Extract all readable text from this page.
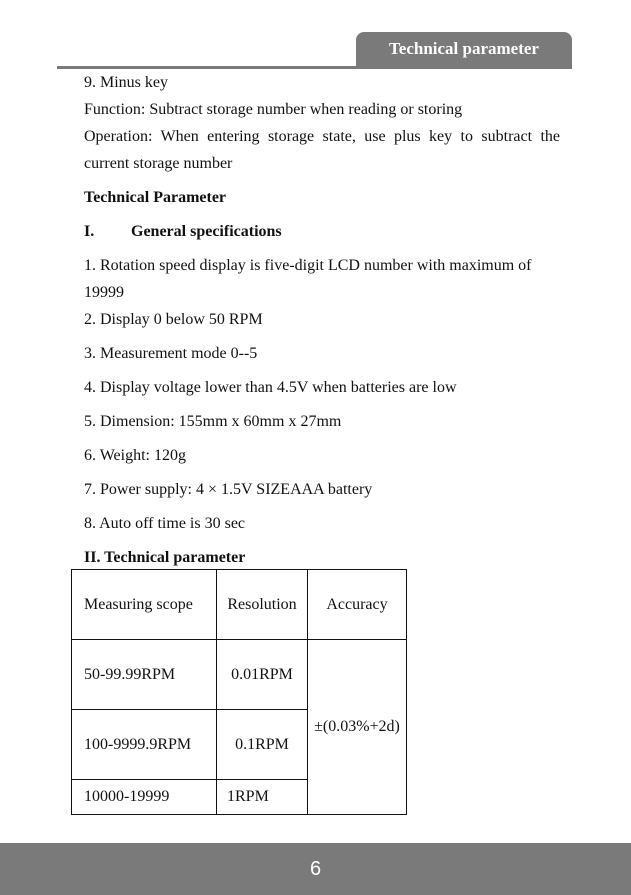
Technical parameter

9. Minus key

Function: Subtract storage number when reading or storing

Operation: When entering storage state, use plus key to subtract the

current storage number

Technical Parameter

I.	General specifications

1. Rotation speed display is five-digit LCD number with maximum of

19999

2. Display 0 below 50 RPM

3. Measurement mode 0--5

4. Display voltage lower than 4.5V when batteries are low

5. Dimension: 155mm x 60mm x 27mm

6. Weight: 120g

7. Power supply: 4 × 1.5V SIZEAAA battery

8. Auto off time is 30 sec

II. Technical parameter

Measuring scope	Resolution	Accuracy
50-99.99RPM	0.01RPM	±(0.03%+2d)
100-9999.9RPM	0.1RPM	
10000-19999	1RPM	
6
